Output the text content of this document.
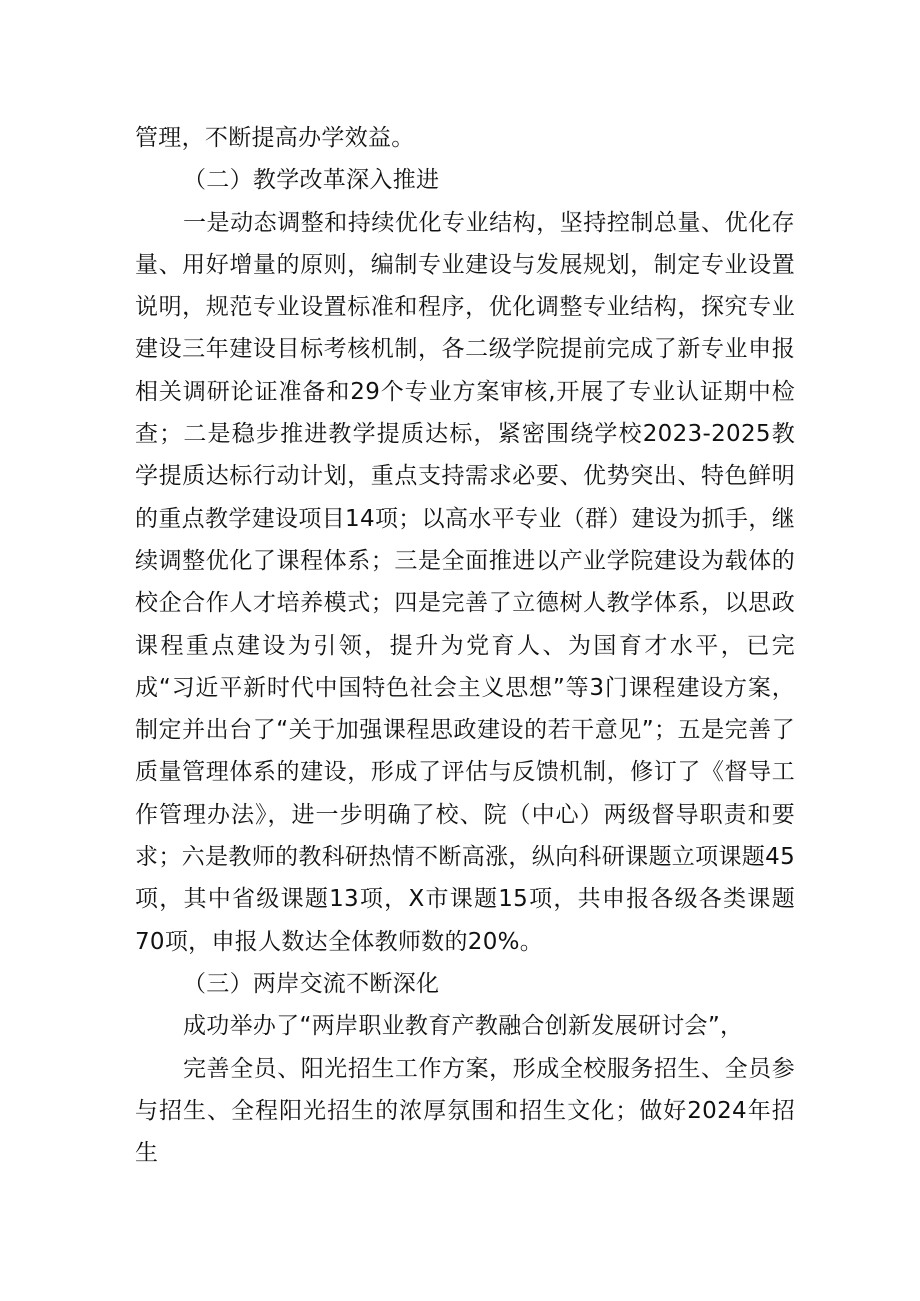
管理，不断提高办学效益。

（二）教学改革深入推进

一是动态调整和持续优化专业结构，坚持控制总量、优化存量、用好增量的原则，编制专业建设与发展规划，制定专业设置说明，规范专业设置标准和程序，优化调整专业结构，探究专业建设三年建设目标考核机制，各二级学院提前完成了新专业申报相关调研论证准备和29个专业方案审核,开展了专业认证期中检查；二是稳步推进教学提质达标，紧密围绕学校2023-2025教学提质达标行动计划，重点支持需求必要、优势突出、特色鲜明的重点教学建设项目14项；以高水平专业（群）建设为抓手，继续调整优化了课程体系；三是全面推进以产业学院建设为载体的校企合作人才培养模式；四是完善了立德树人教学体系，以思政课程重点建设为引领，提升为党育人、为国育才水平，已完成“习近平新时代中国特色社会主义思想”等3门课程建设方案，制定并出台了“关于加强课程思政建设的若干意见”；五是完善了质量管理体系的建设，形成了评估与反馈机制，修订了《督导工作管理办法》，进一步明确了校、院（中心）两级督导职责和要求；六是教师的教科研热情不断高涨，纵向科研课题立项课题45项，其中省级课题13项，X市课题15项，共申报各级各类课题70项，申报人数达全体教师数的20%。

（三）两岸交流不断深化

成功举办了“两岸职业教育产教融合创新发展研讨会”，

完善全员、阳光招生工作方案，形成全校服务招生、全员参与招生、全程阳光招生的浓厚氛围和招生文化；做好2024年招生
